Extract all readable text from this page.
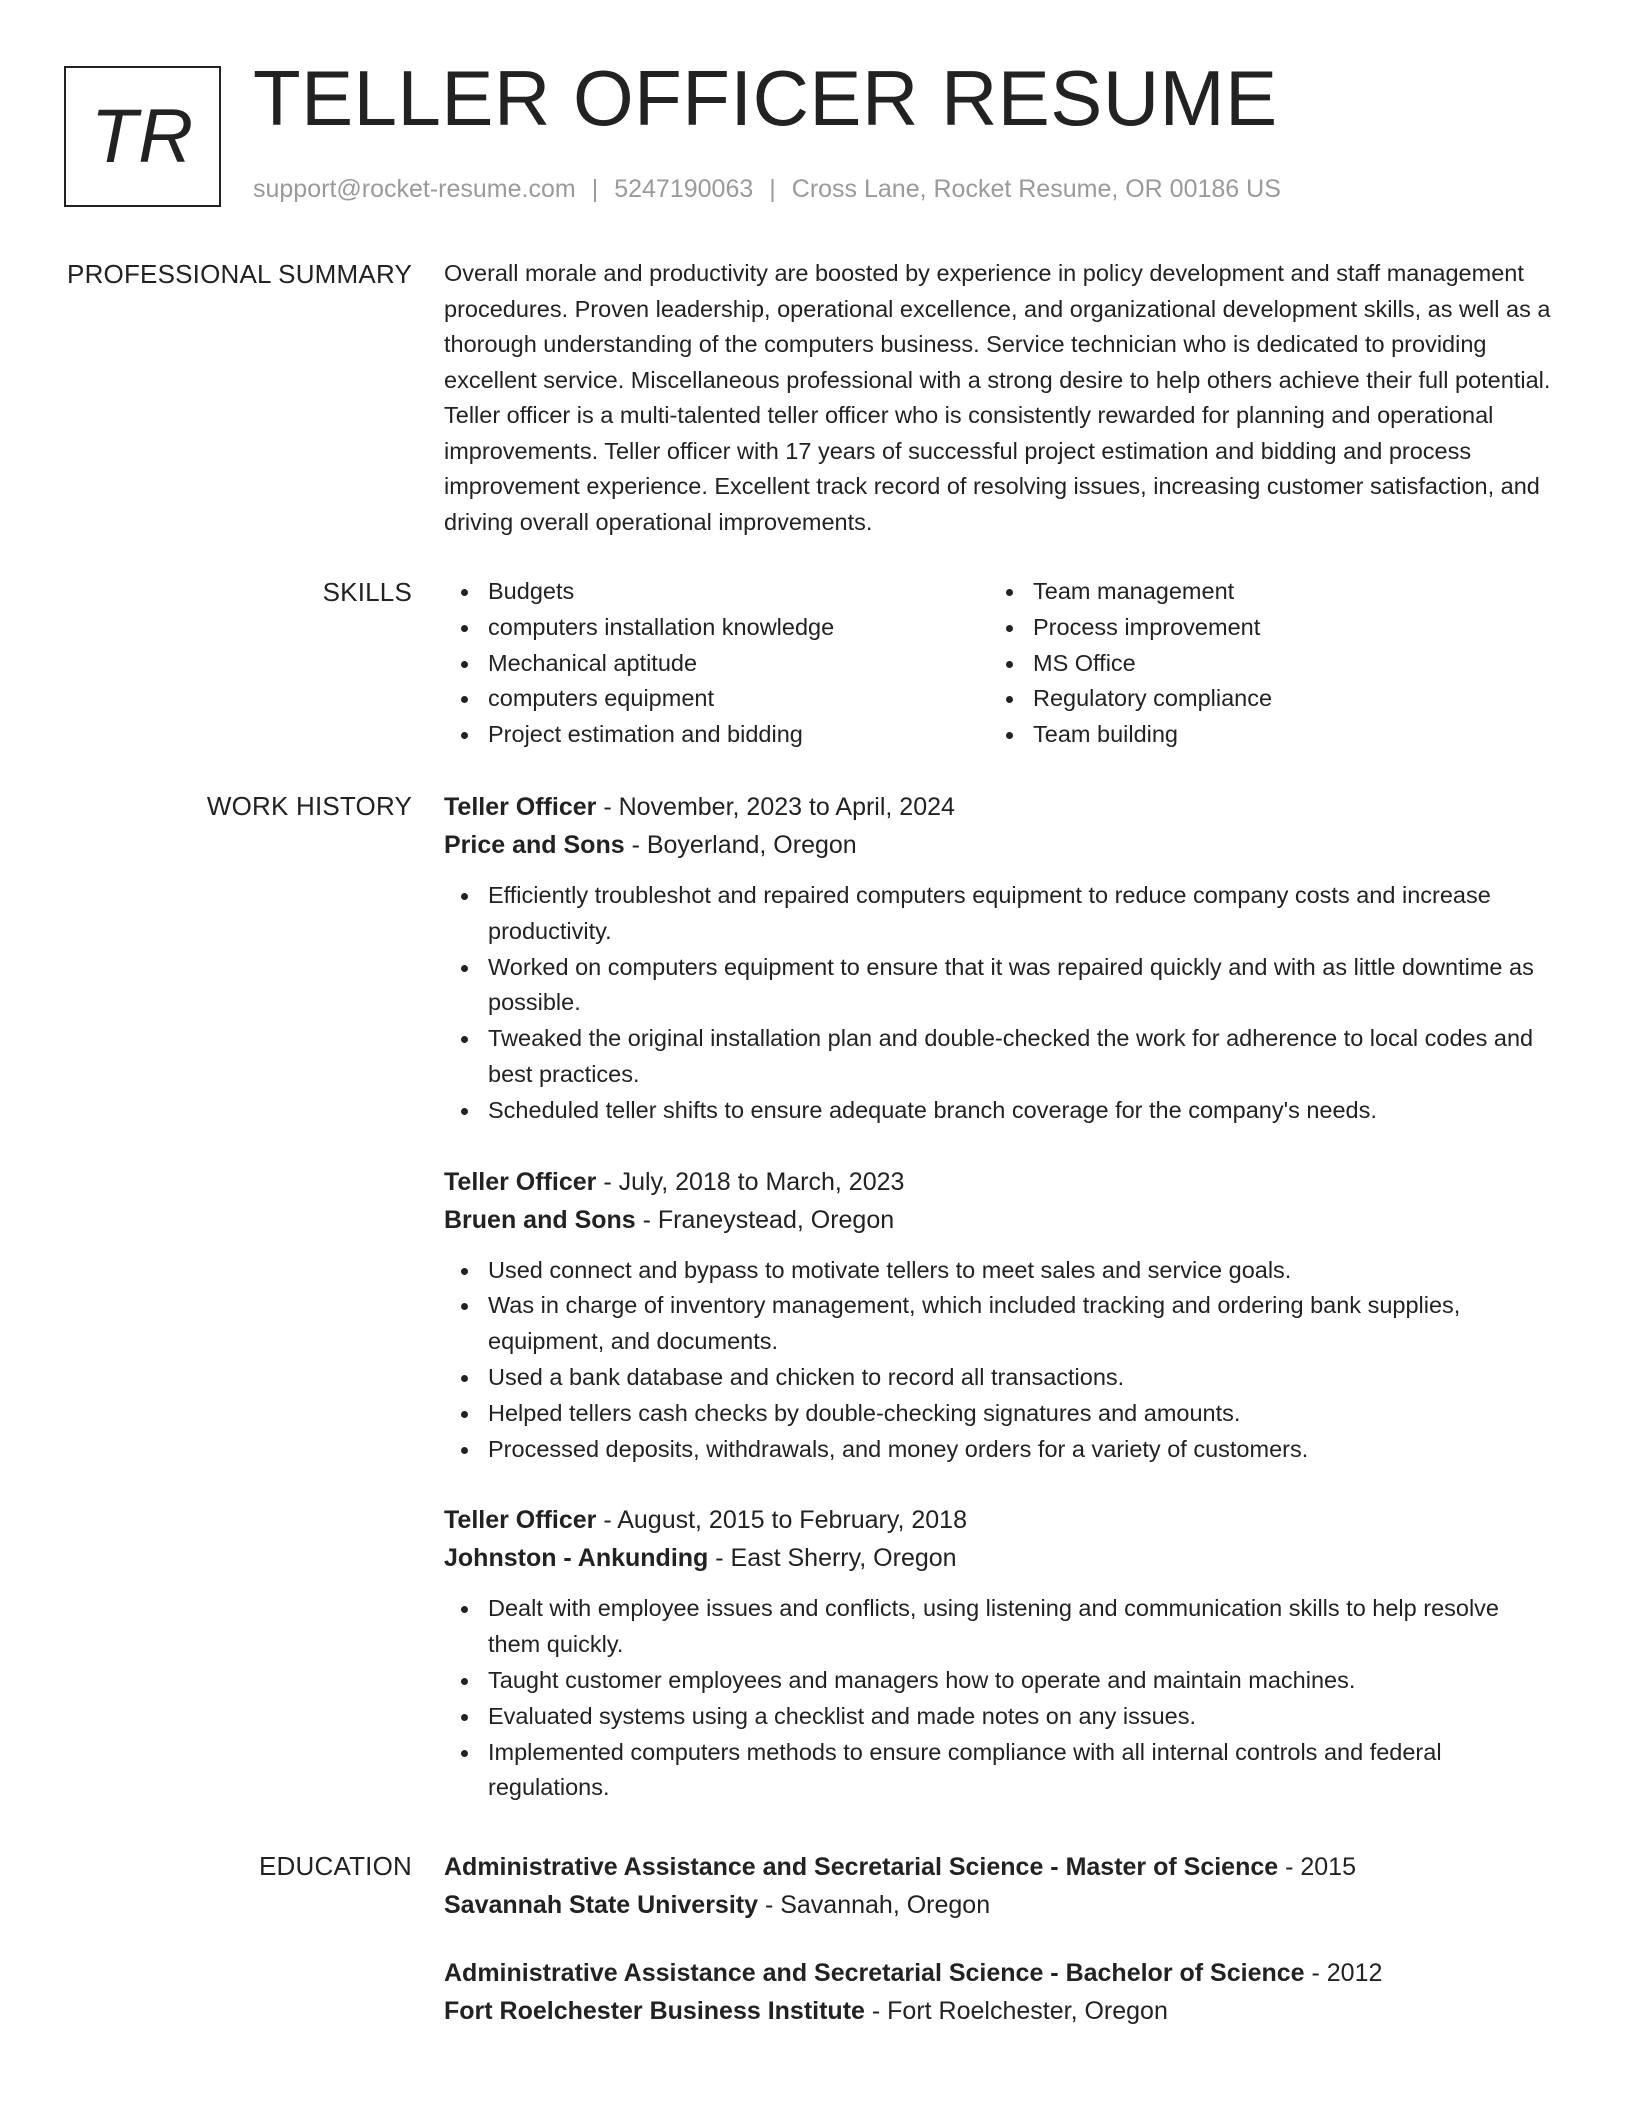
TR TELLER OFFICER RESUME
support@rocket-resume.com | 5247190063 | Cross Lane, Rocket Resume, OR 00186 US
PROFESSIONAL SUMMARY Overall morale and productivity are boosted by experience in policy development and staff management procedures. Proven leadership, operational excellence, and organizational development skills, as well as a thorough understanding of the computers business. Service technician who is dedicated to providing excellent service. Miscellaneous professional with a strong desire to help others achieve their full potential. Teller officer is a multi-talented teller officer who is consistently rewarded for planning and operational improvements. Teller officer with 17 years of successful project estimation and bidding and process improvement experience. Excellent track record of resolving issues, increasing customer satisfaction, and driving overall operational improvements.

SKILLS	Budgets
computers installation knowledge
Mechanical aptitude
computers equipment
Project estimation and bidding
Team management
Process improvement
MS Office
Regulatory compliance
Team building
WORK HISTORY Teller Officer - November, 2023 to April, 2024
Price and Sons - Boyerland, Oregon
Efficiently troubleshot and repaired computers equipment to reduce company costs and increase productivity.
Worked on computers equipment to ensure that it was repaired quickly and with as little downtime as possible.
Tweaked the original installation plan and double-checked the work for adherence to local codes and best practices.
Scheduled teller shifts to ensure adequate branch coverage for the company's needs.
Teller Officer - July, 2018 to March, 2023
Bruen and Sons - Franeystead, Oregon
Used connect and bypass to motivate tellers to meet sales and service goals.
Was in charge of inventory management, which included tracking and ordering bank supplies, equipment, and documents.
Used a bank database and chicken to record all transactions.
Helped tellers cash checks by double-checking signatures and amounts.
Processed deposits, withdrawals, and money orders for a variety of customers.
Teller Officer - August, 2015 to February, 2018
Johnston - Ankunding - East Sherry, Oregon
Dealt with employee issues and conflicts, using listening and communication skills to help resolve them quickly.
Taught customer employees and managers how to operate and maintain machines.
Evaluated systems using a checklist and made notes on any issues.
Implemented computers methods to ensure compliance with all internal controls and federal regulations.
EDUCATION Administrative Assistance and Secretarial Science - Master of Science - 2015
Savannah State University - Savannah, Oregon
Administrative Assistance and Secretarial Science - Bachelor of Science - 2012
Fort Roelchester Business Institute - Fort Roelchester, Oregon
